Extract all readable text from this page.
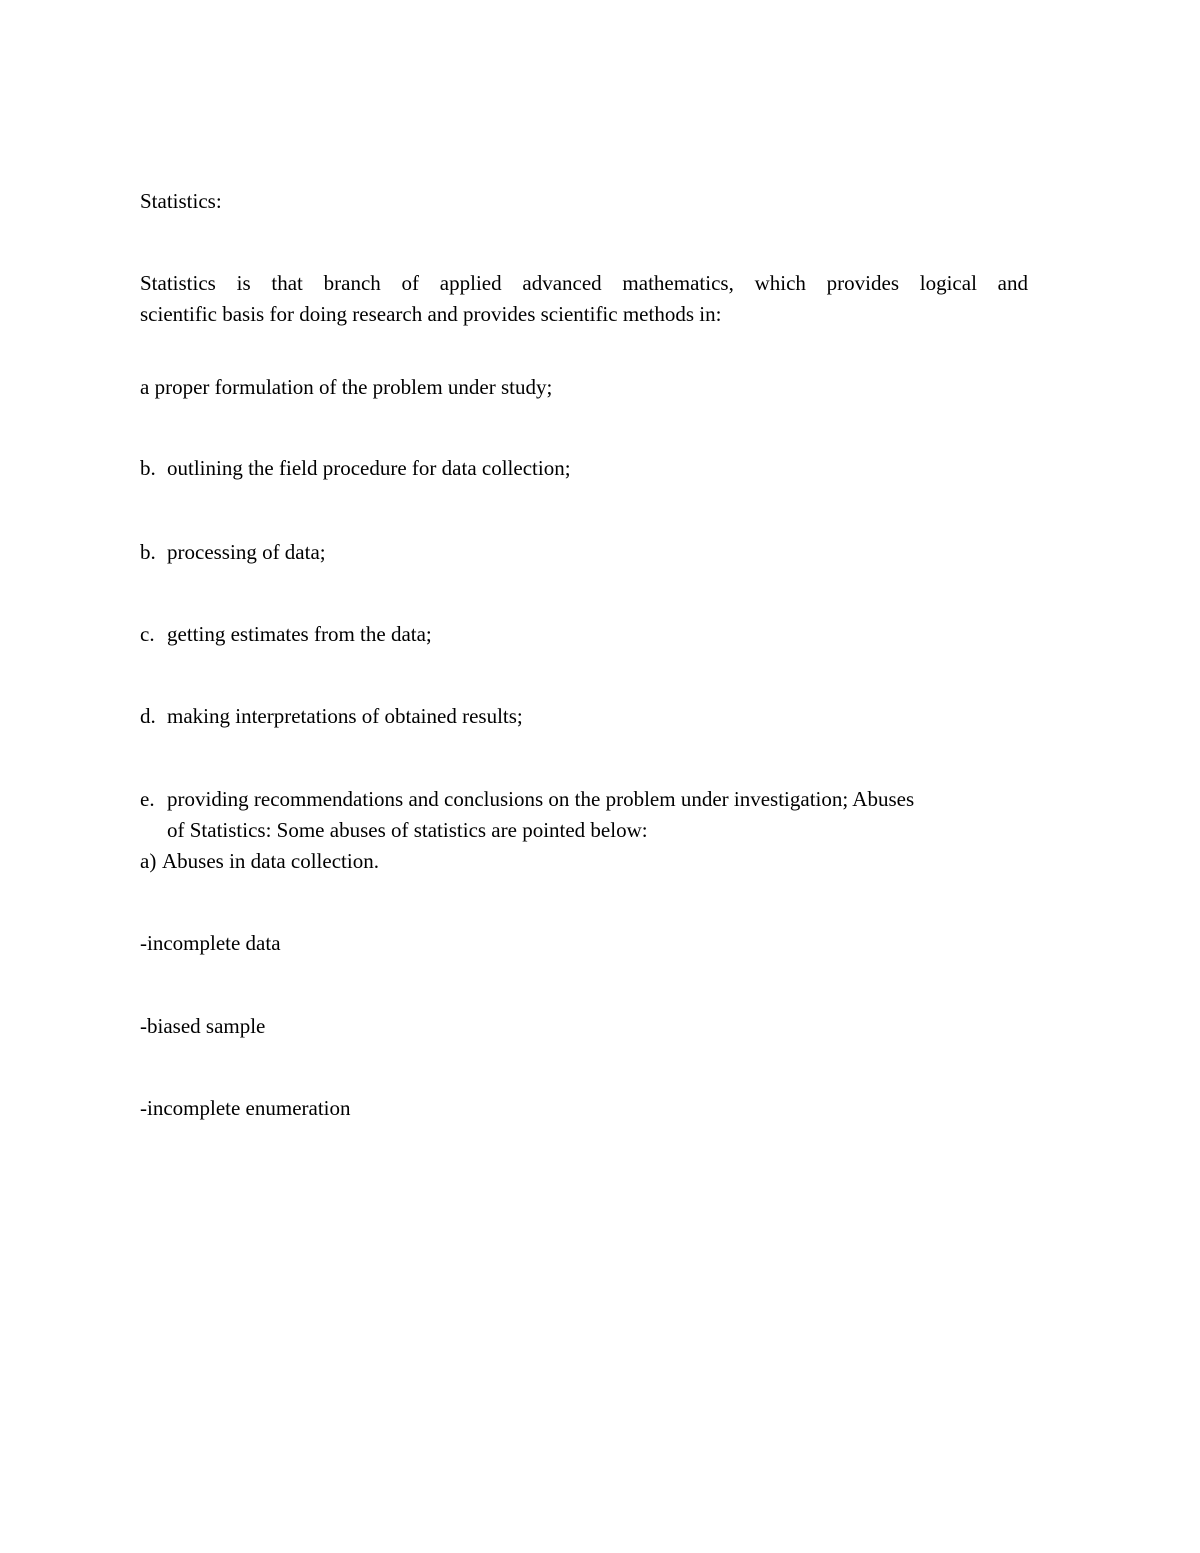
Statistics:
Statistics is that branch of applied advanced mathematics, which provides logical and
scientific basis for doing research and provides scientific methods in:
a proper formulation of the problem under study;
b. outlining the field procedure for data collection;
b. processing of data;
c. getting estimates from the data;
d. making interpretations of obtained results;
e. providing recommendations and conclusions on the problem under investigation; Abuses
of Statistics: Some abuses of statistics are pointed below:
a) Abuses in data collection.
-incomplete data
-biased sample
-incomplete enumeration
